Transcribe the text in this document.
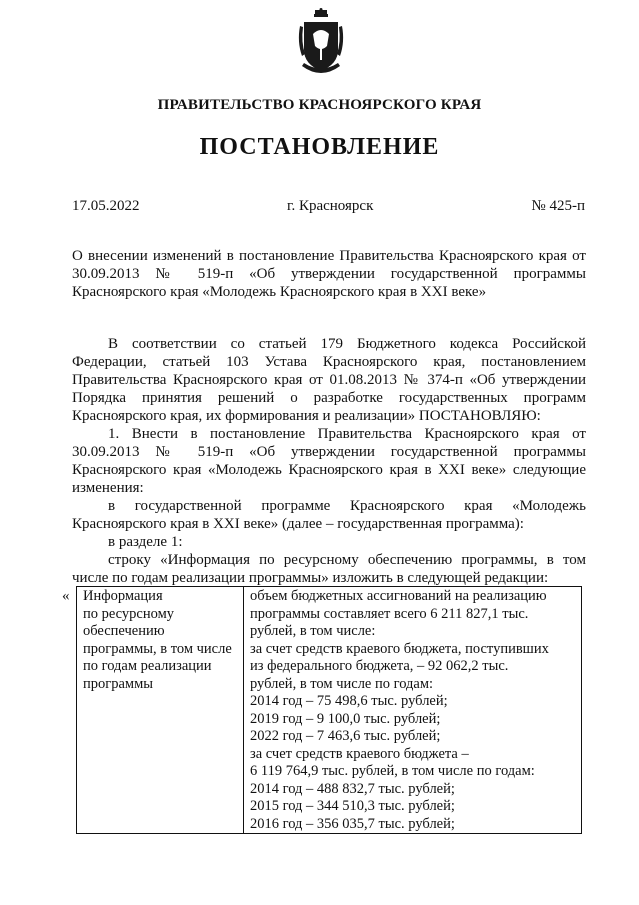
ПРАВИТЕЛЬСТВО КРАСНОЯРСКОГО КРАЯ
ПОСТАНОВЛЕНИЕ
17.05.2022	г. Красноярск	№ 425-п
О внесении изменений в постановление Правительства Красноярского края от 30.09.2013 № 519-п «Об утверждении государственной программы Красноярского края «Молодежь Красноярского края в XXI веке»

В соответствии со статьей 179 Бюджетного кодекса Российской Федерации, статьей 103 Устава Красноярского края, постановлением Правительства Красноярского края от 01.08.2013 № 374-п «Об утверждении Порядка принятия решений о разработке государственных программ Красноярского края, их формирования и реализации» ПОСТАНОВЛЯЮ:

1. Внести в постановление Правительства Красноярского края от 30.09.2013 № 519-п «Об утверждении государственной программы Красноярского края «Молодежь Красноярского края в XXI веке» следующие изменения:

в государственной программе Красноярского края «Молодежь Красноярского края в XXI веке» (далее – государственная программа):

в разделе 1:

строку «Информация по ресурсному обеспечению программы, в том числе по годам реализации программы» изложить в следующей редакции:

« Информация
по ресурсному
обеспечению
программы, в том числе
по годам реализации
программы

объем бюджетных ассигнований на реализацию
программы составляет всего 6 211 827,1 тыс.
рублей, в том числе:
за счет средств краевого бюджета, поступивших
из федерального бюджета, – 92 062,2 тыс.
рублей, в том числе по годам:
2014 год – 75 498,6 тыс. рублей;
2019 год – 9 100,0 тыс. рублей;
2022 год – 7 463,6 тыс. рублей;
за счет средств краевого бюджета –
6 119 764,9 тыс. рублей, в том числе по годам:
2014 год – 488 832,7 тыс. рублей;
2015 год – 344 510,3 тыс. рублей;
2016 год – 356 035,7 тыс. рублей;
